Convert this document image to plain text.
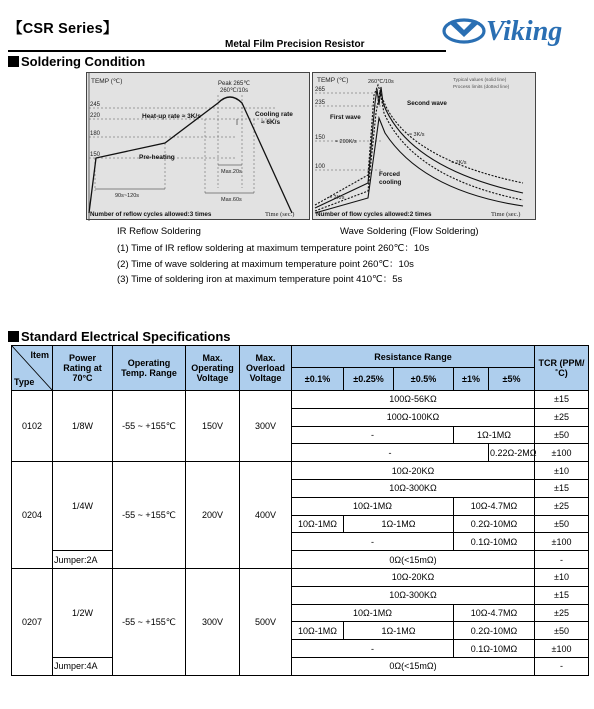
【CSR Series】
Metal Film Precision Resistor	Viking
Soldering Condition
TEMP (℃)
245
220
180
150
Peak 265℃
260℃/10s
Heat-up rate ≈ 3K/s	Cooling rate
≈ 6K/s
Pre-heating
90s~120s
Max.20s
Max.60s
Number of reflow cycles allowed:3 times	Time (sec.)
TEMP (℃)
265
235
150
100
260℃/10s	Typical values (solid line)
Process limits (dotted line)
Second wave
First wave
≈ 3K/s
≈ 200K/s
≈ 2K/s
≈ 2K/s
Forced
cooling
Number of flow cycles allowed:2 times	Time (sec.)
IR Reflow Soldering	Wave Soldering (Flow Soldering)
(1) Time of IR reflow soldering at maximum temperature point 260℃：10s
(2) Time of wave soldering at maximum temperature point 260℃：10s
(3) Time of soldering iron at maximum temperature point 410℃：5s
Standard Electrical Specifications
Item
Type	Power Rating at 70°C	Operating Temp. Range	Max. Operating Voltage	Max. Overload Voltage	Resistance Range					TCR (PPM/˚C)
					±0.1%	±0.25%	±0.5%	±1%	±5%	
0102	1/8W	-55 ~ +155℃	150V	300V	100Ω-56KΩ					±15
					100Ω-100KΩ					±25
					-			1Ω-1MΩ		±50
					-				0.22Ω-2MΩ	±100
0204	1/4W	-55 ~ +155℃	200V	400V	10Ω-20KΩ					±10
					10Ω-300KΩ					±15
					10Ω-1MΩ			10Ω-4.7MΩ		±25
					10Ω-1MΩ	1Ω-1MΩ		0.2Ω-10MΩ		±50
					-			0.1Ω-10MΩ		±100
	Jumper:2A				0Ω(<15mΩ)					-
0207	1/2W	-55 ~ +155℃	300V	500V	10Ω-20KΩ					±10
					10Ω-300KΩ					±15
					10Ω-1MΩ			10Ω-4.7MΩ		±25
					10Ω-1MΩ	1Ω-1MΩ		0.2Ω-10MΩ		±50
					-			0.1Ω-10MΩ		±100
	Jumper:4A				0Ω(<15mΩ)					-
